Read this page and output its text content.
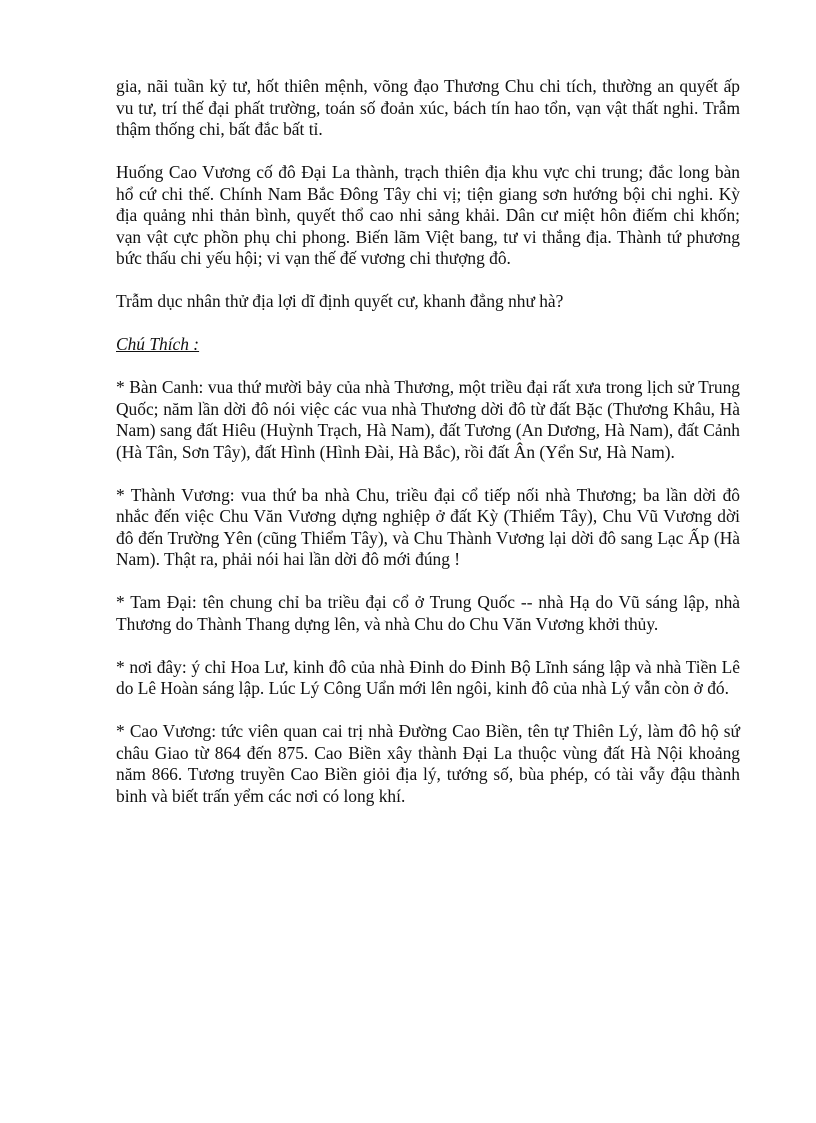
gia, nãi tuần kỷ tư, hốt thiên mệnh, võng đạo Thương Chu chi tích, thường an quyết ấp vu tư, trí thế đại phất trường, toán số đoản xúc, bách tín hao tổn, vạn vật thất nghi. Trẫm thậm thống chi, bất đắc bất tỉ.

Huống Cao Vương cố đô Đại La thành, trạch thiên địa khu vực chi trung; đắc long bàn hổ cứ chi thế. Chính Nam Bắc Đông Tây chi vị; tiện giang sơn hướng bội chi nghi. Kỳ địa quảng nhi thản bình, quyết thổ cao nhi sảng khải. Dân cư miệt hôn điếm chi khốn; vạn vật cực phồn phụ chi phong. Biến lãm Việt bang, tư vi thắng địa. Thành tứ phương bức thấu chi yếu hội; vi vạn thế đế vương chi thượng đô.

Trẫm dục nhân thử địa lợi dĩ định quyết cư, khanh đẳng như hà?

Chú Thích :

* Bàn Canh: vua thứ mười bảy của nhà Thương, một triều đại rất xưa trong lịch sử Trung Quốc; năm lần dời đô nói việc các vua nhà Thương dời đô từ đất Bặc (Thương Khâu, Hà Nam) sang đất Hiêu (Huỳnh Trạch, Hà Nam), đất Tương (An Dương, Hà Nam), đất Cảnh (Hà Tân, Sơn Tây), đất Hình (Hình Đài, Hà Bắc), rồi đất Ân (Yển Sư, Hà Nam).

* Thành Vương: vua thứ ba nhà Chu, triều đại cổ tiếp nối nhà Thương; ba lần dời đô nhắc đến việc Chu Văn Vương dựng nghiệp ở đất Kỳ (Thiểm Tây), Chu Vũ Vương dời đô đến Trường Yên (cũng Thiểm Tây), và Chu Thành Vương lại dời đô sang Lạc Ấp (Hà Nam). Thật ra, phải nói hai lần dời đô mới đúng !

* Tam Đại: tên chung chỉ ba triều đại cổ ở Trung Quốc -- nhà Hạ do Vũ sáng lập, nhà Thương do Thành Thang dựng lên, và nhà Chu do Chu Văn Vương khởi thủy.

* nơi đây: ý chỉ Hoa Lư, kinh đô của nhà Đinh do Đinh Bộ Lĩnh sáng lập và nhà Tiền Lê do Lê Hoàn sáng lập. Lúc Lý Công Uẩn mới lên ngôi, kinh đô của nhà Lý vẫn còn ở đó.

* Cao Vương: tức viên quan cai trị nhà Đường Cao Biền, tên tự Thiên Lý, làm đô hộ sứ châu Giao từ 864 đến 875. Cao Biền xây thành Đại La thuộc vùng đất Hà Nội khoảng năm 866. Tương truyền Cao Biền giỏi địa lý, tướng số, bùa phép, có tài vẫy đậu thành binh và biết trấn yểm các nơi có long khí.
